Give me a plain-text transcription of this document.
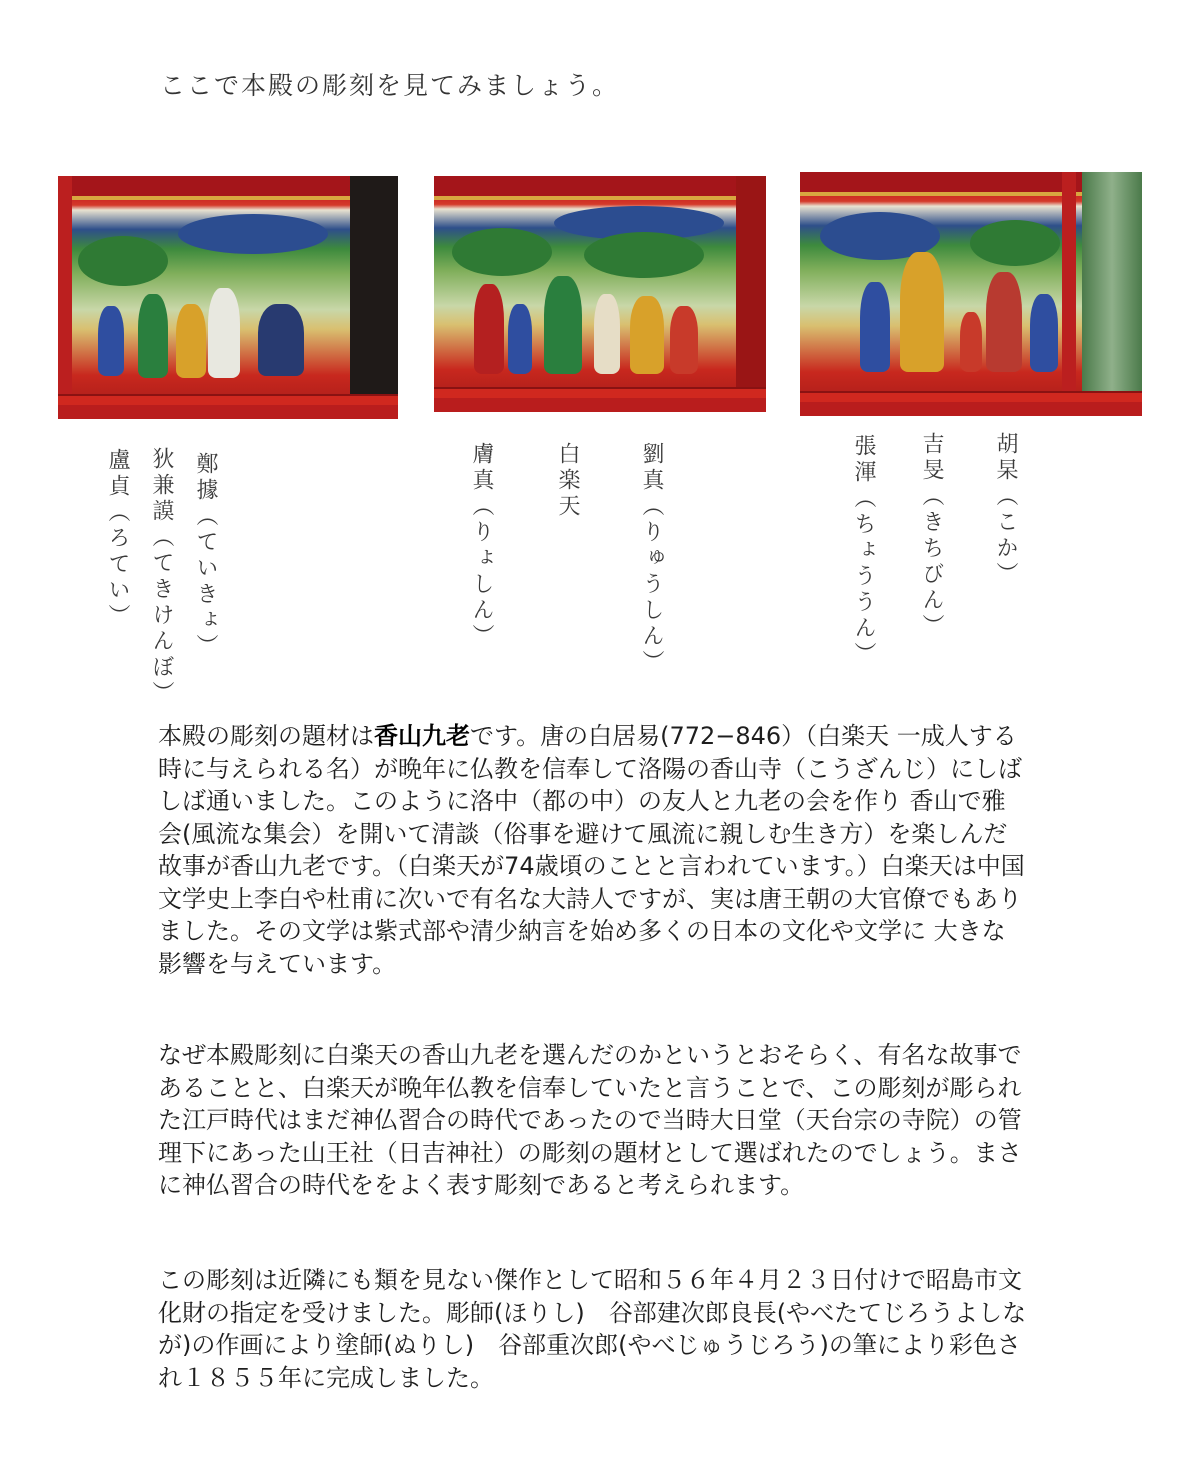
ここで本殿の彫刻を見てみましょう。
鄭據（ていきょ）
狄兼謨（てきけんぼ）
盧貞（ろてい）	劉真（りゅうしん）
白楽天
膚真（りょしん）	胡杲（こか）
吉旻（きちびん）
張渾（ちょううん）
本殿の彫刻の題材は香山九老です。唐の白居易(772−846）（白楽天 一成人する時に与えられる名）が晩年に仏教を信奉して洛陽の香山寺（こうざんじ）にしばしば通いました。このように洛中（都の中）の友人と九老の会を作り 香山で雅会(風流な集会）を開いて清談（俗事を避けて風流に親しむ生き方）を楽しんだ故事が香山九老です。（白楽天が74歳頃のことと言われています。）白楽天は中国文学史上李白や杜甫に次いで有名な大詩人ですが、実は唐王朝の大官僚でもありました。その文学は紫式部や清少納言を始め多くの日本の文化や文学に 大きな影響を与えています。
なぜ本殿彫刻に白楽天の香山九老を選んだのかというとおそらく、有名な故事であることと、白楽天が晩年仏教を信奉していたと言うことで、この彫刻が彫られた江戸時代はまだ神仏習合の時代であったので当時大日堂（天台宗の寺院）の管理下にあった山王社（日吉神社）の彫刻の題材として選ばれたのでしょう。まさに神仏習合の時代ををよく表す彫刻であると考えられます。
この彫刻は近隣にも類を見ない傑作として昭和５６年４月２３日付けで昭島市文化財の指定を受けました。彫師(ほりし)　谷部建次郎良長(やべたてじろうよしなが)の作画により塗師(ぬりし)　谷部重次郎(やべじゅうじろう)の筆により彩色され１８５５年に完成しました。
